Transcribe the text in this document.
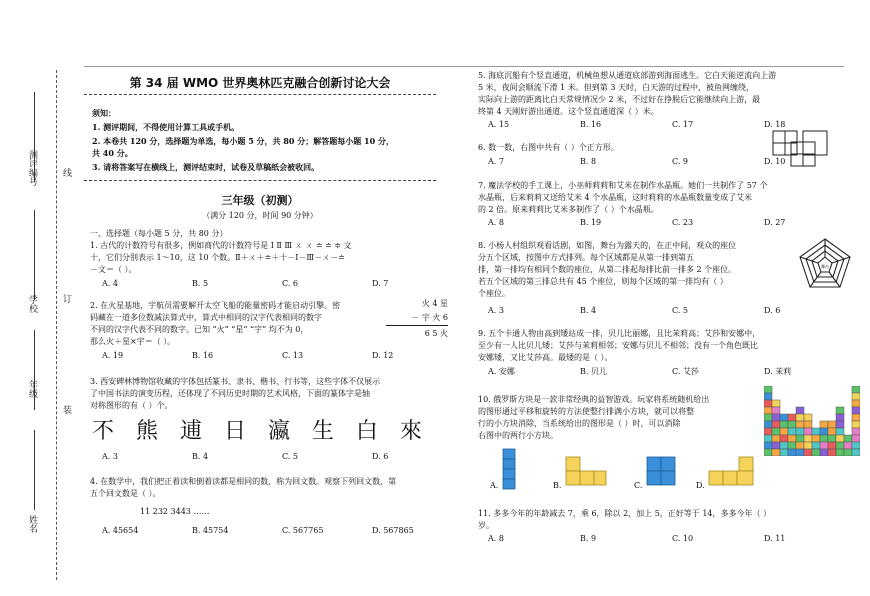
测评编号	线
学校	订
年级
装
姓名
第 34 届 WMO 世界奥林匹克融合创新讨论大会
须知：
1. 测评期间，不得使用计算工具或手机。
2. 本卷共 120 分，选择题为单选，每小题 5 分，共 80 分；解答题每小题 10 分，
共 40 分。
3. 请将答案写在横线上，测评结束时，试卷及草稿纸会被收回。
三年级（初测）
（满分 120 分，时间 90 分钟）
一、选择题（每小题 5 分，共 80 分）
1. 古代的计数符号有很多，例如商代的计数符号是 Ⅰ Ⅱ Ⅲ ㄨ ㄨ ≐ ≐ ≑ ⽂
十，它们分别表示 1～10，这 10 个数。Ⅱ＋ㄨ＋≐＋十－Ⅰ－Ⅲ－ㄨ－≐
－⽂＝（ ）。
A. 4	B. 5	C. 6	D. 7
2. 在火星基地，宇航员需要解开太空飞船的能量密码才能启动引擎。密
码藏在一道多位数减法算式中，算式中相同的汉字代表相同的数字
不同的汉字代表不同的数字。已知 “火” “星” “宇” 均不为 0，
那么火＋星×宇＝（ ）。
火 4 星
－ 宇 火 6
6 5 火
A. 19	B. 16	C. 13	D. 12
3. 西安碑林博物馆收藏的字体包括篆书、隶书、楷书、行书等，这些字体不仅展示
了中国书法的演变历程，还体现了不同历史时期的艺术风格，下面的篆体字是轴
对称图形的有（ ）个。
不 熊 逋 日 瀛 生 白 來
A. 3	B. 4	C. 5	D. 6
4. 在数学中，我们把正着读和倒着读都是相同的数，称为回文数。观察下列回文数，第
五个回文数是（ ）。
11 232 3443 ……
A. 45654	B. 45754	C. 567765	D. 567865
5. 海底沉船有个竖直通道，机械鱼想从通道底部游到海面逃生。它白天能逆流向上游
5 米，夜间会顺流下滑 1 米。但到第 3 天时，白天游的过程中，被鱼网缠绕，
实际向上游的距离比白天常规情况少 2 米，不过好在挣脱后它能继续向上游，最
终第 4 天刚好游出通道。这个竖直通道深（ ）米。
A. 15	B. 16	C. 17	D. 18
6. 数一数，右图中共有（ ）个正方形。
A. 7	B. 8	C. 9	D. 10
7. 魔法学校的手工课上，小巫师莉莉和艾米在制作水晶瓶。她们一共制作了 57 个
水晶瓶，后来莉莉又送给艾米 4 个水晶瓶，这时莉莉的水晶瓶数量变成了艾米
的 2 倍。原来莉莉比艾米多制作了（ ）个水晶瓶。
A. 8	B. 19	C. 23	D. 27
8. 小杨人村组织观看话剧，如图，舞台为露天的，在正中间，观众的座位
分五个区域，按图中方式排列。每个区域都是从第一排到第五
排，第一排均有相同个数的座位，从第二排起每排比前一排多 2 个座位。
若五个区域的第三排总共有 45 个座位，则每个区域的第一排均有（ ）
个座位。
舞台
A. 3	B. 4	C. 5	D. 6
9. 五个卡通人物由高到矮站成一排，贝儿比丽娜，且比茉莉高；艾莎和安娜中，
至少有一人比贝儿矮；艾莎与茉莉相邻；安娜与贝儿不相邻；没有一个角色既比
安娜矮，又比艾莎高。最矮的是（ ）。
A. 安娜	B. 贝儿	C. 艾莎	D. 茉莉
10. 俄罗斯方块是一款非常经典的益智游戏。玩家将系统随机给出
的图形通过平移和旋转的方法使整行排满小方块，就可以将整
行的小方块消除，当系统给出的图形是（ ）时，可以消除
右图中的两行小方块。
A.	B.	C.	D.
11. 多多今年的年龄减去 7，乘 6，除以 2，加上 5，正好等于 14，多多今年（ ）
岁。
A. 8	B. 9	C. 10	D. 11
